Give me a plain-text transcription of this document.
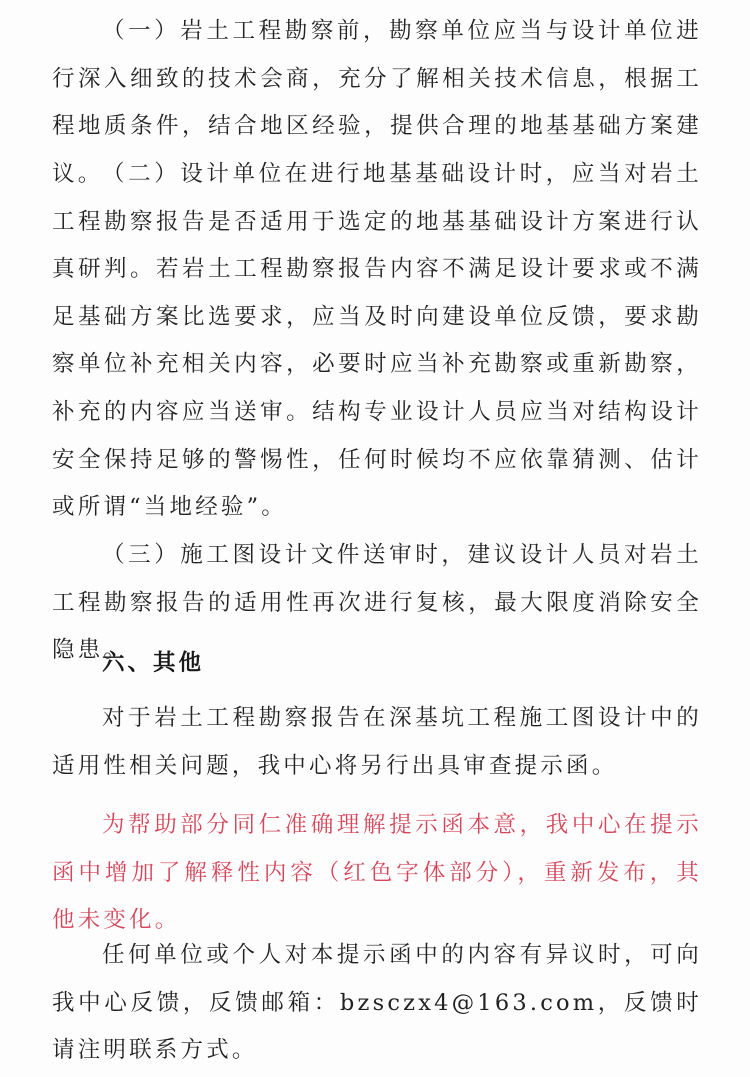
（一）岩土工程勘察前，勘察单位应当与设计单位进行深入细致的技术会商，充分了解相关技术信息，根据工程地质条件，结合地区经验，提供合理的地基基础方案建议。

（二）设计单位在进行地基基础设计时，应当对岩土工程勘察报告是否适用于选定的地基基础设计方案进行认真研判。若岩土工程勘察报告内容不满足设计要求或不满足基础方案比选要求，应当及时向建设单位反馈，要求勘察单位补充相关内容，必要时应当补充勘察或重新勘察，补充的内容应当送审。结构专业设计人员应当对结构设计安全保持足够的警惕性，任何时候均不应依靠猜测、估计或所谓“当地经验”。

（三）施工图设计文件送审时，建议设计人员对岩土工程勘察报告的适用性再次进行复核，最大限度消除安全隐患。

六、其他

对于岩土工程勘察报告在深基坑工程施工图设计中的适用性相关问题，我中心将另行出具审查提示函。

为帮助部分同仁准确理解提示函本意，我中心在提示函中增加了解释性内容（红色字体部分），重新发布，其他未变化。

任何单位或个人对本提示函中的内容有异议时，可向我中心反馈，反馈邮箱：bzsczx4@163.com，反馈时请注明联系方式。
